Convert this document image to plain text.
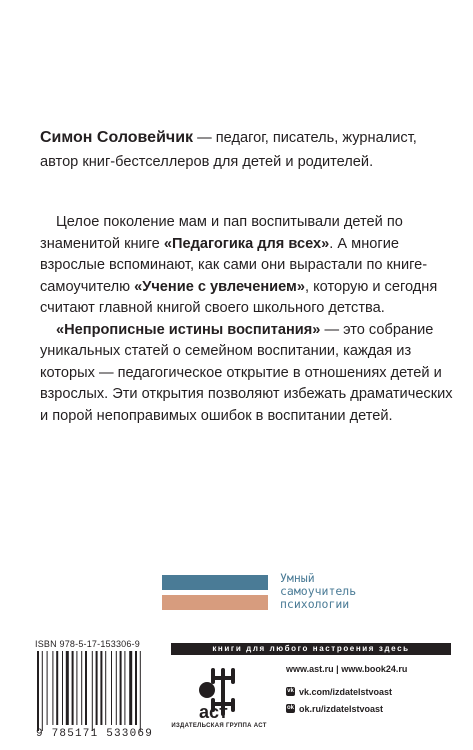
Симон Соловейчик — педагог, писатель, журналист,
автор книг-бестселлеров для детей и родителей.

Целое поколение мам и пап воспитывали детей по знаменитой книге «Педагогика для всех». А многие взрослые вспоминают, как сами они вырастали по книге-самоучителю «Учение с увлечением», которую и сегодня считают главной книгой своего школьного детства.

«Непрописные истины воспитания» — это собрание уникальных статей о семейном воспитании, каждая из которых — педагогическое открытие в отношениях детей и взрослых. Эти открытия позволяют избежать драматических и порой непоправимых ошибок в воспитании детей.

Умный
самоучитель
психологии
ISBN 978-5-17-153306-9
9 785171 533069
книги для любого настроения здесь
аст
ИЗДАТЕЛЬСКАЯ ГРУППА АСТ
www.ast.ru | www.book24.ru
vk vk.com/izdatelstvoast
ok ok.ru/izdatelstvoast
